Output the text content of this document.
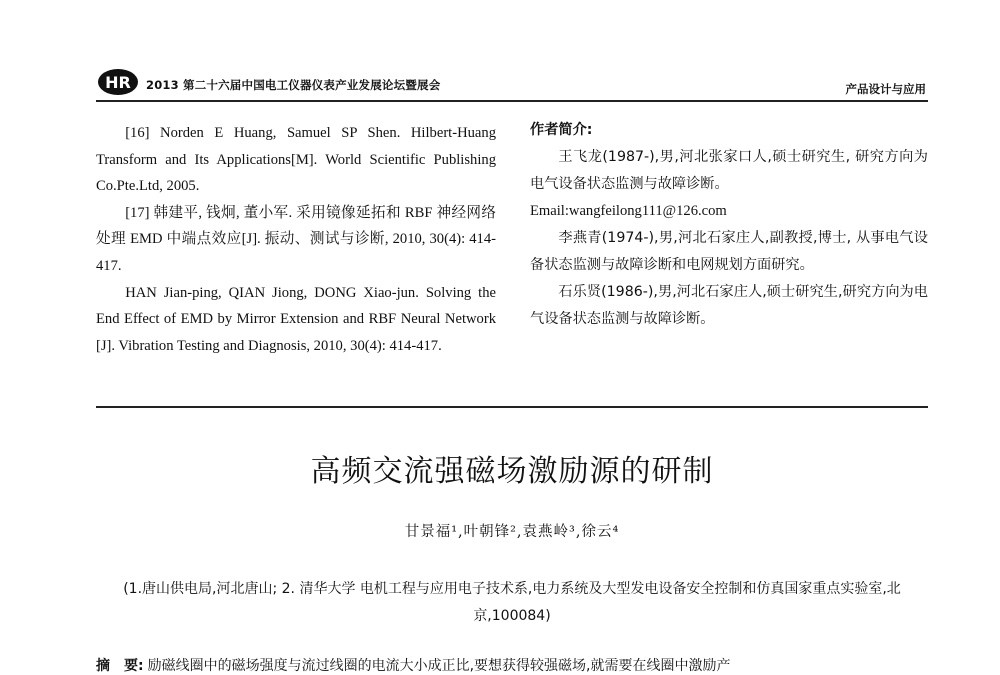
HR 2013 第二十六届中国电工仪器仪表产业发展论坛暨展会	产品设计与应用

[16] Norden E Huang, Samuel SP Shen. Hilbert-Huang Transform and Its Applications[M]. World Scientific Publishing Co.Pte.Ltd, 2005.

[17] 韩建平, 钱炯, 董小军. 采用镜像延拓和 RBF 神经网络处理 EMD 中端点效应[J]. 振动、测试与诊断, 2010, 30(4): 414-417.

HAN Jian-ping, QIAN Jiong, DONG Xiao-jun. Solving the End Effect of EMD by Mirror Extension and RBF Neural Network [J]. Vibration Testing and Diagnosis, 2010, 30(4): 414-417.

作者简介:

王飞龙(1987-),男,河北张家口人,硕士研究生, 研究方向为电气设备状态监测与故障诊断。

Email:wangfeilong111@126.com

李燕青(1974-),男,河北石家庄人,副教授,博士, 从事电气设备状态监测与故障诊断和电网规划方面研究。

石乐贤(1986-),男,河北石家庄人,硕士研究生,研究方向为电气设备状态监测与故障诊断。

高频交流强磁场激励源的研制
甘景福¹,叶朝锋²,袁燕岭³,徐云⁴
(1.唐山供电局,河北唐山; 2. 清华大学 电机工程与应用电子技术系,电力系统及大型发电设备安全控制和仿真国家重点实验室,北京,100084)
摘　要: 励磁线圈中的磁场强度与流过线圈的电流大小成正比,要想获得较强磁场,就需要在线圈中激励产
